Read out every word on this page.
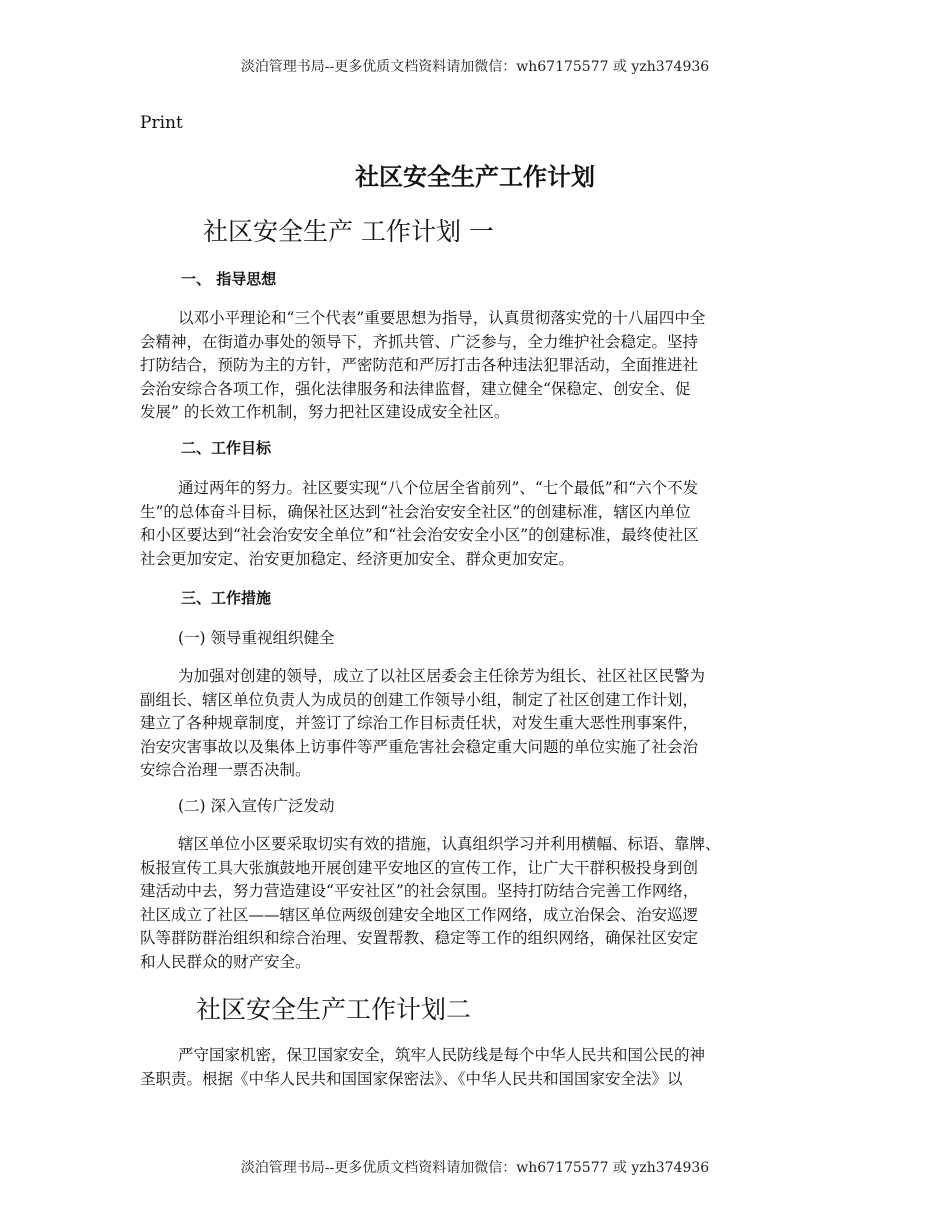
淡泊管理书局--更多优质文档资料请加微信：wh67175577 或 yzh374936
Print
社区安全生产工作计划
社区安全生产 工作计划 一
一、 指导思想
以邓小平理论和“三个代表”重要思想为指导，认真贯彻落实党的十八届四中全
会精神，在街道办事处的领导下，齐抓共管、广泛参与，全力维护社会稳定。坚持
打防结合，预防为主的方针，严密防范和严厉打击各种违法犯罪活动，全面推进社
会治安综合各项工作，强化法律服务和法律监督，建立健全“保稳定、创安全、促
发展” 的长效工作机制，努力把社区建设成安全社区。
二、工作目标
通过两年的努力。社区要实现“八个位居全省前列”、“七个最低”和“六个不发
生”的总体奋斗目标，确保社区达到“社会治安安全社区”的创建标准，辖区内单位
和小区要达到“社会治安安全单位”和“社会治安安全小区”的创建标准，最终使社区
社会更加安定、治安更加稳定、经济更加安全、群众更加安定。
三、工作措施
(一) 领导重视组织健全
为加强对创建的领导，成立了以社区居委会主任徐芳为组长、社区社区民警为
副组长、辖区单位负责人为成员的创建工作领导小组，制定了社区创建工作计划，
建立了各种规章制度，并签订了综治工作目标责任状，对发生重大恶性刑事案件，
治安灾害事故以及集体上访事件等严重危害社会稳定重大问题的单位实施了社会治
安综合治理一票否决制。
(二) 深入宣传广泛发动
辖区单位小区要采取切实有效的措施，认真组织学习并利用横幅、标语、靠牌、
板报宣传工具大张旗鼓地开展创建平安地区的宣传工作，让广大干群积极投身到创
建活动中去，努力营造建设“平安社区”的社会氛围。坚持打防结合完善工作网络，
社区成立了社区——辖区单位两级创建安全地区工作网络，成立治保会、治安巡逻
队等群防群治组织和综合治理、安置帮教、稳定等工作的组织网络，确保社区安定
和人民群众的财产安全。
社区安全生产工作计划二
严守国家机密，保卫国家安全，筑牢人民防线是每个中华人民共和国公民的神
圣职责。根据《中华人民共和国国家保密法》、《中华人民共和国国家安全法》以
淡泊管理书局--更多优质文档资料请加微信：wh67175577 或 yzh374936
